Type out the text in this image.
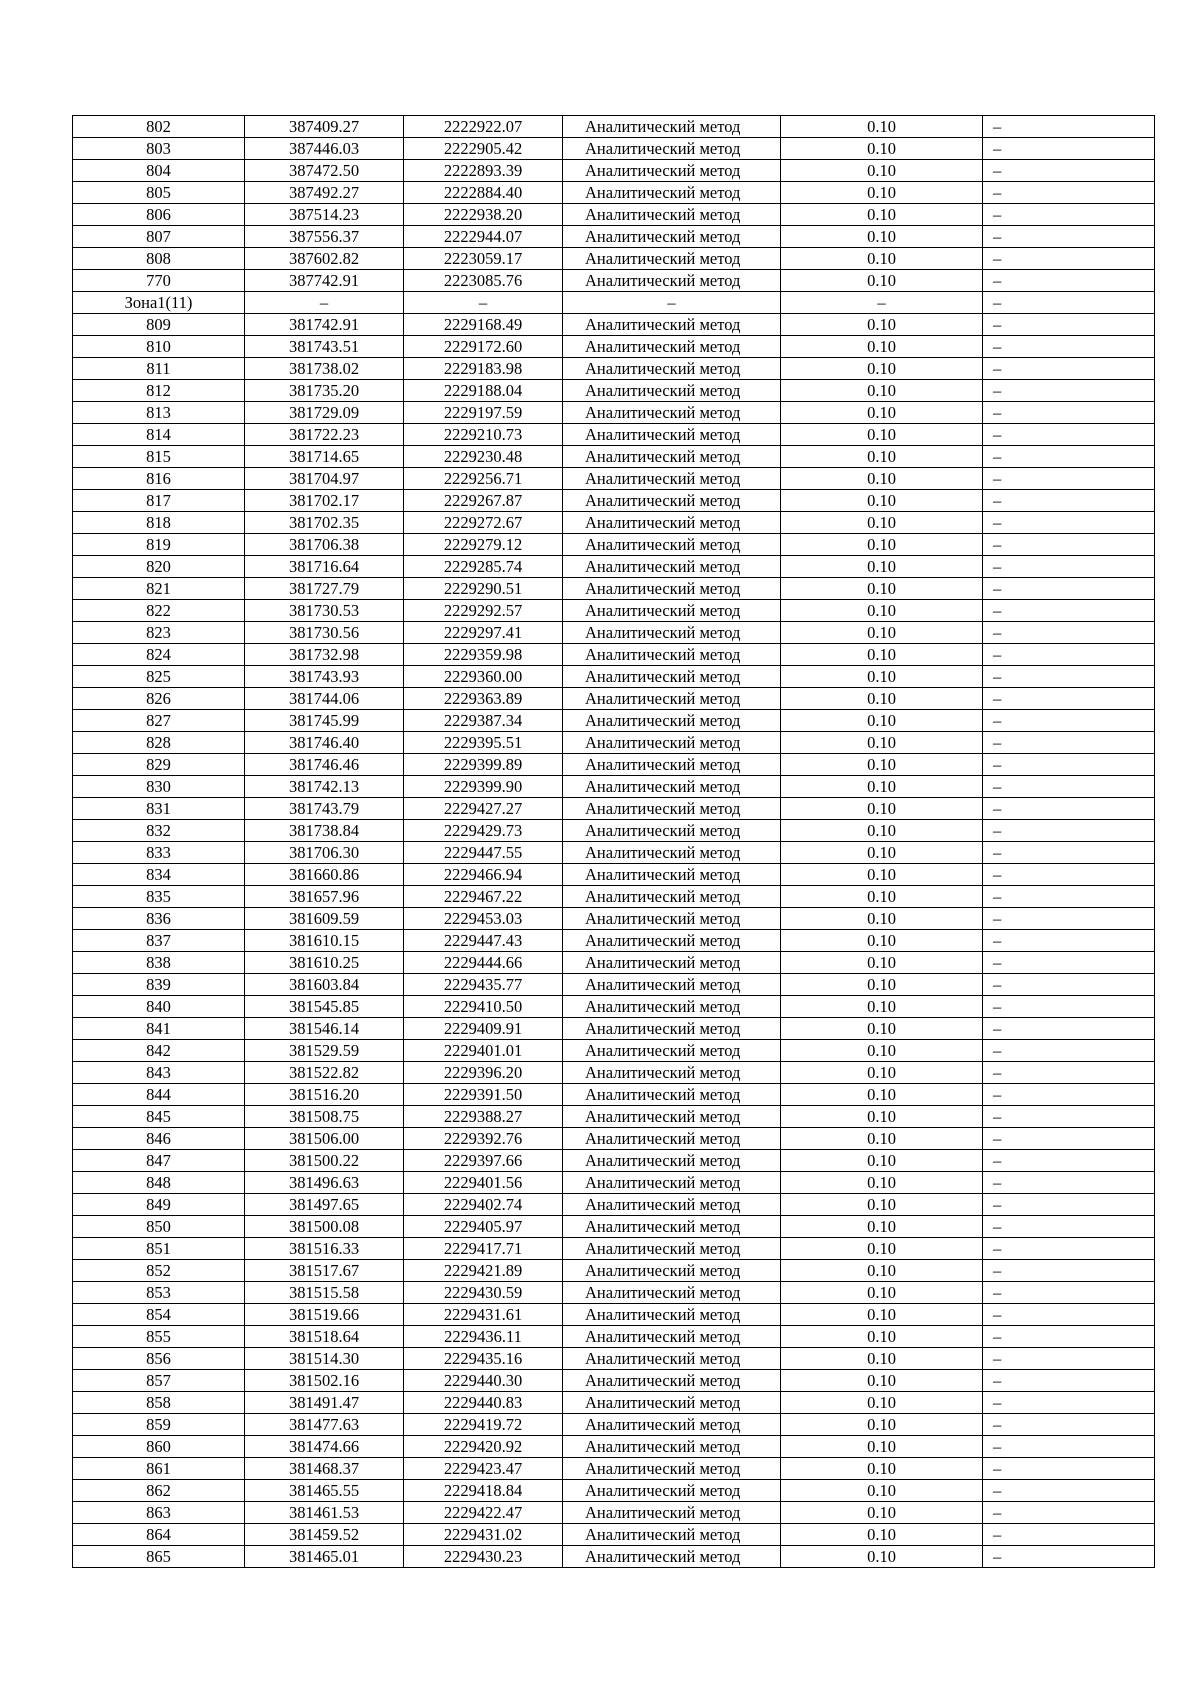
802	387409.27	2222922.07	Аналитический метод	0.10	–
803	387446.03	2222905.42	Аналитический метод	0.10	–
804	387472.50	2222893.39	Аналитический метод	0.10	–
805	387492.27	2222884.40	Аналитический метод	0.10	–
806	387514.23	2222938.20	Аналитический метод	0.10	–
807	387556.37	2222944.07	Аналитический метод	0.10	–
808	387602.82	2223059.17	Аналитический метод	0.10	–
770	387742.91	2223085.76	Аналитический метод	0.10	–
Зона1(11)	–	–	–	–	–
809	381742.91	2229168.49	Аналитический метод	0.10	–
810	381743.51	2229172.60	Аналитический метод	0.10	–
811	381738.02	2229183.98	Аналитический метод	0.10	–
812	381735.20	2229188.04	Аналитический метод	0.10	–
813	381729.09	2229197.59	Аналитический метод	0.10	–
814	381722.23	2229210.73	Аналитический метод	0.10	–
815	381714.65	2229230.48	Аналитический метод	0.10	–
816	381704.97	2229256.71	Аналитический метод	0.10	–
817	381702.17	2229267.87	Аналитический метод	0.10	–
818	381702.35	2229272.67	Аналитический метод	0.10	–
819	381706.38	2229279.12	Аналитический метод	0.10	–
820	381716.64	2229285.74	Аналитический метод	0.10	–
821	381727.79	2229290.51	Аналитический метод	0.10	–
822	381730.53	2229292.57	Аналитический метод	0.10	–
823	381730.56	2229297.41	Аналитический метод	0.10	–
824	381732.98	2229359.98	Аналитический метод	0.10	–
825	381743.93	2229360.00	Аналитический метод	0.10	–
826	381744.06	2229363.89	Аналитический метод	0.10	–
827	381745.99	2229387.34	Аналитический метод	0.10	–
828	381746.40	2229395.51	Аналитический метод	0.10	–
829	381746.46	2229399.89	Аналитический метод	0.10	–
830	381742.13	2229399.90	Аналитический метод	0.10	–
831	381743.79	2229427.27	Аналитический метод	0.10	–
832	381738.84	2229429.73	Аналитический метод	0.10	–
833	381706.30	2229447.55	Аналитический метод	0.10	–
834	381660.86	2229466.94	Аналитический метод	0.10	–
835	381657.96	2229467.22	Аналитический метод	0.10	–
836	381609.59	2229453.03	Аналитический метод	0.10	–
837	381610.15	2229447.43	Аналитический метод	0.10	–
838	381610.25	2229444.66	Аналитический метод	0.10	–
839	381603.84	2229435.77	Аналитический метод	0.10	–
840	381545.85	2229410.50	Аналитический метод	0.10	–
841	381546.14	2229409.91	Аналитический метод	0.10	–
842	381529.59	2229401.01	Аналитический метод	0.10	–
843	381522.82	2229396.20	Аналитический метод	0.10	–
844	381516.20	2229391.50	Аналитический метод	0.10	–
845	381508.75	2229388.27	Аналитический метод	0.10	–
846	381506.00	2229392.76	Аналитический метод	0.10	–
847	381500.22	2229397.66	Аналитический метод	0.10	–
848	381496.63	2229401.56	Аналитический метод	0.10	–
849	381497.65	2229402.74	Аналитический метод	0.10	–
850	381500.08	2229405.97	Аналитический метод	0.10	–
851	381516.33	2229417.71	Аналитический метод	0.10	–
852	381517.67	2229421.89	Аналитический метод	0.10	–
853	381515.58	2229430.59	Аналитический метод	0.10	–
854	381519.66	2229431.61	Аналитический метод	0.10	–
855	381518.64	2229436.11	Аналитический метод	0.10	–
856	381514.30	2229435.16	Аналитический метод	0.10	–
857	381502.16	2229440.30	Аналитический метод	0.10	–
858	381491.47	2229440.83	Аналитический метод	0.10	–
859	381477.63	2229419.72	Аналитический метод	0.10	–
860	381474.66	2229420.92	Аналитический метод	0.10	–
861	381468.37	2229423.47	Аналитический метод	0.10	–
862	381465.55	2229418.84	Аналитический метод	0.10	–
863	381461.53	2229422.47	Аналитический метод	0.10	–
864	381459.52	2229431.02	Аналитический метод	0.10	–
865	381465.01	2229430.23	Аналитический метод	0.10	–
